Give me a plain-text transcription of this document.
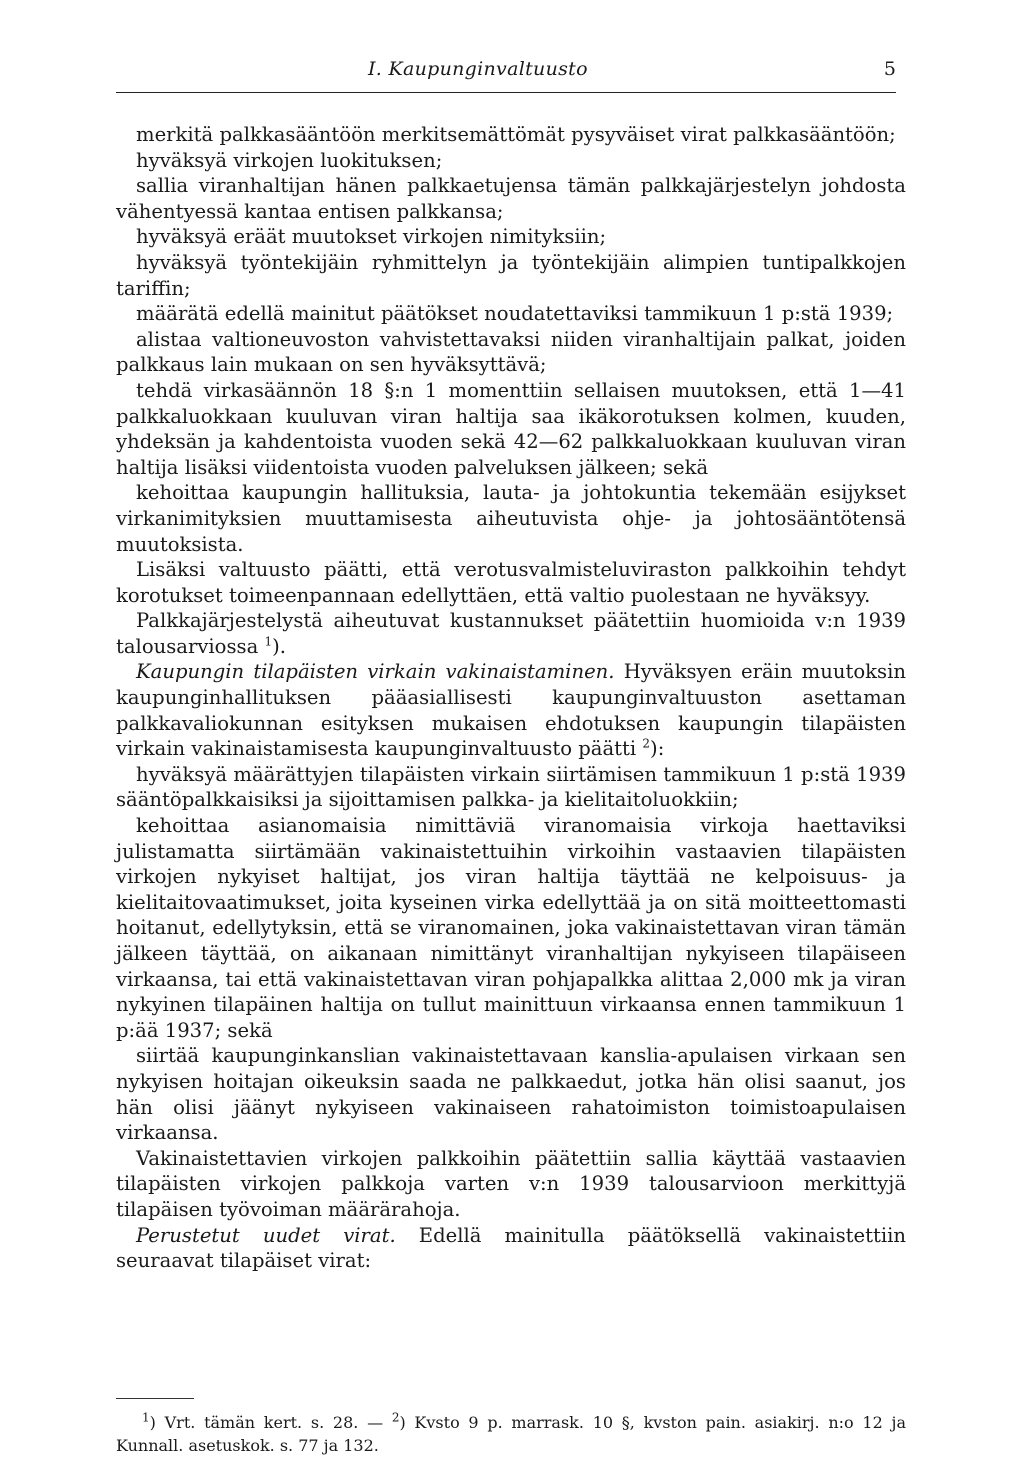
I. Kaupunginvaltuusto	5

merkitä palkkasääntöön merkitsemättömät pysyväiset virat palkkasääntöön;

hyväksyä virkojen luokituksen;

sallia viranhaltijan hänen palkkaetujensa tämän palkkajärjestelyn johdosta vähentyessä kantaa entisen palkkansa;

hyväksyä eräät muutokset virkojen nimityksiin;

hyväksyä työntekijäin ryhmittelyn ja työntekijäin alimpien tuntipalkkojen tariffin;

määrätä edellä mainitut päätökset noudatettaviksi tammikuun 1 p:stä 1939;

alistaa valtioneuvoston vahvistettavaksi niiden viranhaltijain palkat, joiden palkkaus lain mukaan on sen hyväksyttävä;

tehdä virkasäännön 18 §:n 1 momenttiin sellaisen muutoksen, että 1—41 palkkaluokkaan kuuluvan viran haltija saa ikäkorotuksen kolmen, kuuden, yhdeksän ja kahdentoista vuoden sekä 42—62 palkkaluokkaan kuuluvan viran haltija lisäksi viidentoista vuoden palveluksen jälkeen; sekä

kehoittaa kaupungin hallituksia, lauta- ja johtokuntia tekemään esijykset virkanimityksien muuttamisesta aiheutuvista ohje- ja johtosääntötensä muutoksista.

Lisäksi valtuusto päätti, että verotusvalmisteluviraston palkkoihin tehdyt korotukset toimeenpannaan edellyttäen, että valtio puolestaan ne hyväksyy.

Palkkajärjestelystä aiheutuvat kustannukset päätettiin huomioida v:n 1939 talousarviossa $^1$).

Kaupungin tilapäisten virkain vakinaistaminen. Hyväksyen eräin muutoksin kaupunginhallituksen pääasiallisesti kaupunginvaltuuston asettaman palkkavaliokunnan esityksen mukaisen ehdotuksen kaupungin tilapäisten virkain vakinaistamisesta kaupunginvaltuusto päätti $^2$):

hyväksyä määrättyjen tilapäisten virkain siirtämisen tammikuun 1 p:stä 1939 sääntöpalkkaisiksi ja sijoittamisen palkka- ja kielitaitoluokkiin;

kehoittaa asianomaisia nimittäviä viranomaisia virkoja haettaviksi julistamatta siirtämään vakinaistettuihin virkoihin vastaavien tilapäisten virkojen nykyiset haltijat, jos viran haltija täyttää ne kelpoisuus- ja kielitaitovaatimukset, joita kyseinen virka edellyttää ja on sitä moitteettomasti hoitanut, edellytyksin, että se viranomainen, joka vakinaistettavan viran tämän jälkeen täyttää, on aikanaan nimittänyt viranhaltijan nykyiseen tilapäiseen virkaansa, tai että vakinaistettavan viran pohjapalkka alittaa 2,000 mk ja viran nykyinen tilapäinen haltija on tullut mainittuun virkaansa ennen tammikuun 1 p:ää 1937; sekä

siirtää kaupunginkanslian vakinaistettavaan kanslia-apulaisen virkaan sen nykyisen hoitajan oikeuksin saada ne palkkaedut, jotka hän olisi saanut, jos hän olisi jäänyt nykyiseen vakinaiseen rahatoimiston toimistoapulaisen virkaansa.

Vakinaistettavien virkojen palkkoihin päätettiin sallia käyttää vastaavien tilapäisten virkojen palkkoja varten v:n 1939 talousarvioon merkittyjä tilapäisen työvoiman määrärahoja.

Perustetut uudet virat. Edellä mainitulla päätöksellä vakinaistettiin seuraavat tilapäiset virat:

$^1$) Vrt. tämän kert. s. 28. — $^2$) Kvsto 9 p. marrask. 10 §, kvston pain. asiakirj. n:o 12 ja Kunnall. asetuskok. s. 77 ja 132.
